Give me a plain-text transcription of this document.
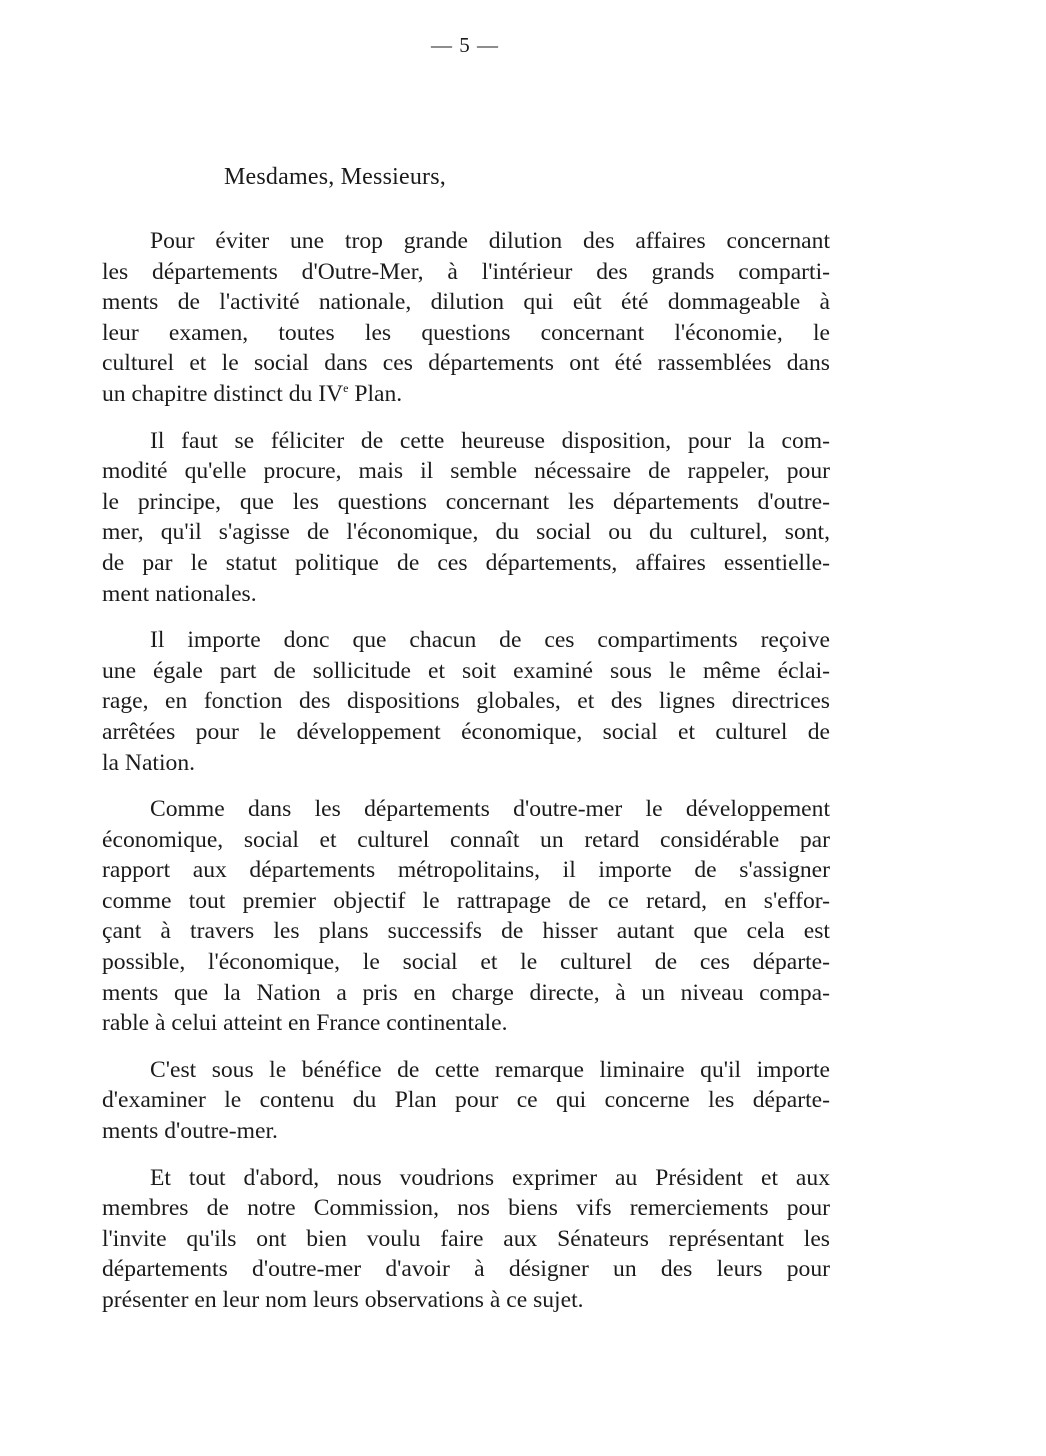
— 5 —
Mesdames, Messieurs,
Pour éviter une trop grande dilution des affaires concernant
les départements d'Outre-Mer, à l'intérieur des grands comparti-
ments de l'activité nationale, dilution qui eût été dommageable à
leur examen, toutes les questions concernant l'économie, le
culturel et le social dans ces départements ont été rassemblées dans
un chapitre distinct du IVe Plan.
Il faut se féliciter de cette heureuse disposition, pour la com-
modité qu'elle procure, mais il semble nécessaire de rappeler, pour
le principe, que les questions concernant les départements d'outre-
mer, qu'il s'agisse de l'économique, du social ou du culturel, sont,
de par le statut politique de ces départements, affaires essentielle-
ment nationales.
Il importe donc que chacun de ces compartiments reçoive
une égale part de sollicitude et soit examiné sous le même éclai-
rage, en fonction des dispositions globales, et des lignes directrices
arrêtées pour le développement économique, social et culturel de
la Nation.
Comme dans les départements d'outre-mer le développement
économique, social et culturel connaît un retard considérable par
rapport aux départements métropolitains, il importe de s'assigner
comme tout premier objectif le rattrapage de ce retard, en s'effor-
çant à travers les plans successifs de hisser autant que cela est
possible, l'économique, le social et le culturel de ces départe-
ments que la Nation a pris en charge directe, à un niveau compa-
rable à celui atteint en France continentale.
C'est sous le bénéfice de cette remarque liminaire qu'il importe
d'examiner le contenu du Plan pour ce qui concerne les départe-
ments d'outre-mer.
Et tout d'abord, nous voudrions exprimer au Président et aux
membres de notre Commission, nos biens vifs remerciements pour
l'invite qu'ils ont bien voulu faire aux Sénateurs représentant les
départements d'outre-mer d'avoir à désigner un des leurs pour
présenter en leur nom leurs observations à ce sujet.
